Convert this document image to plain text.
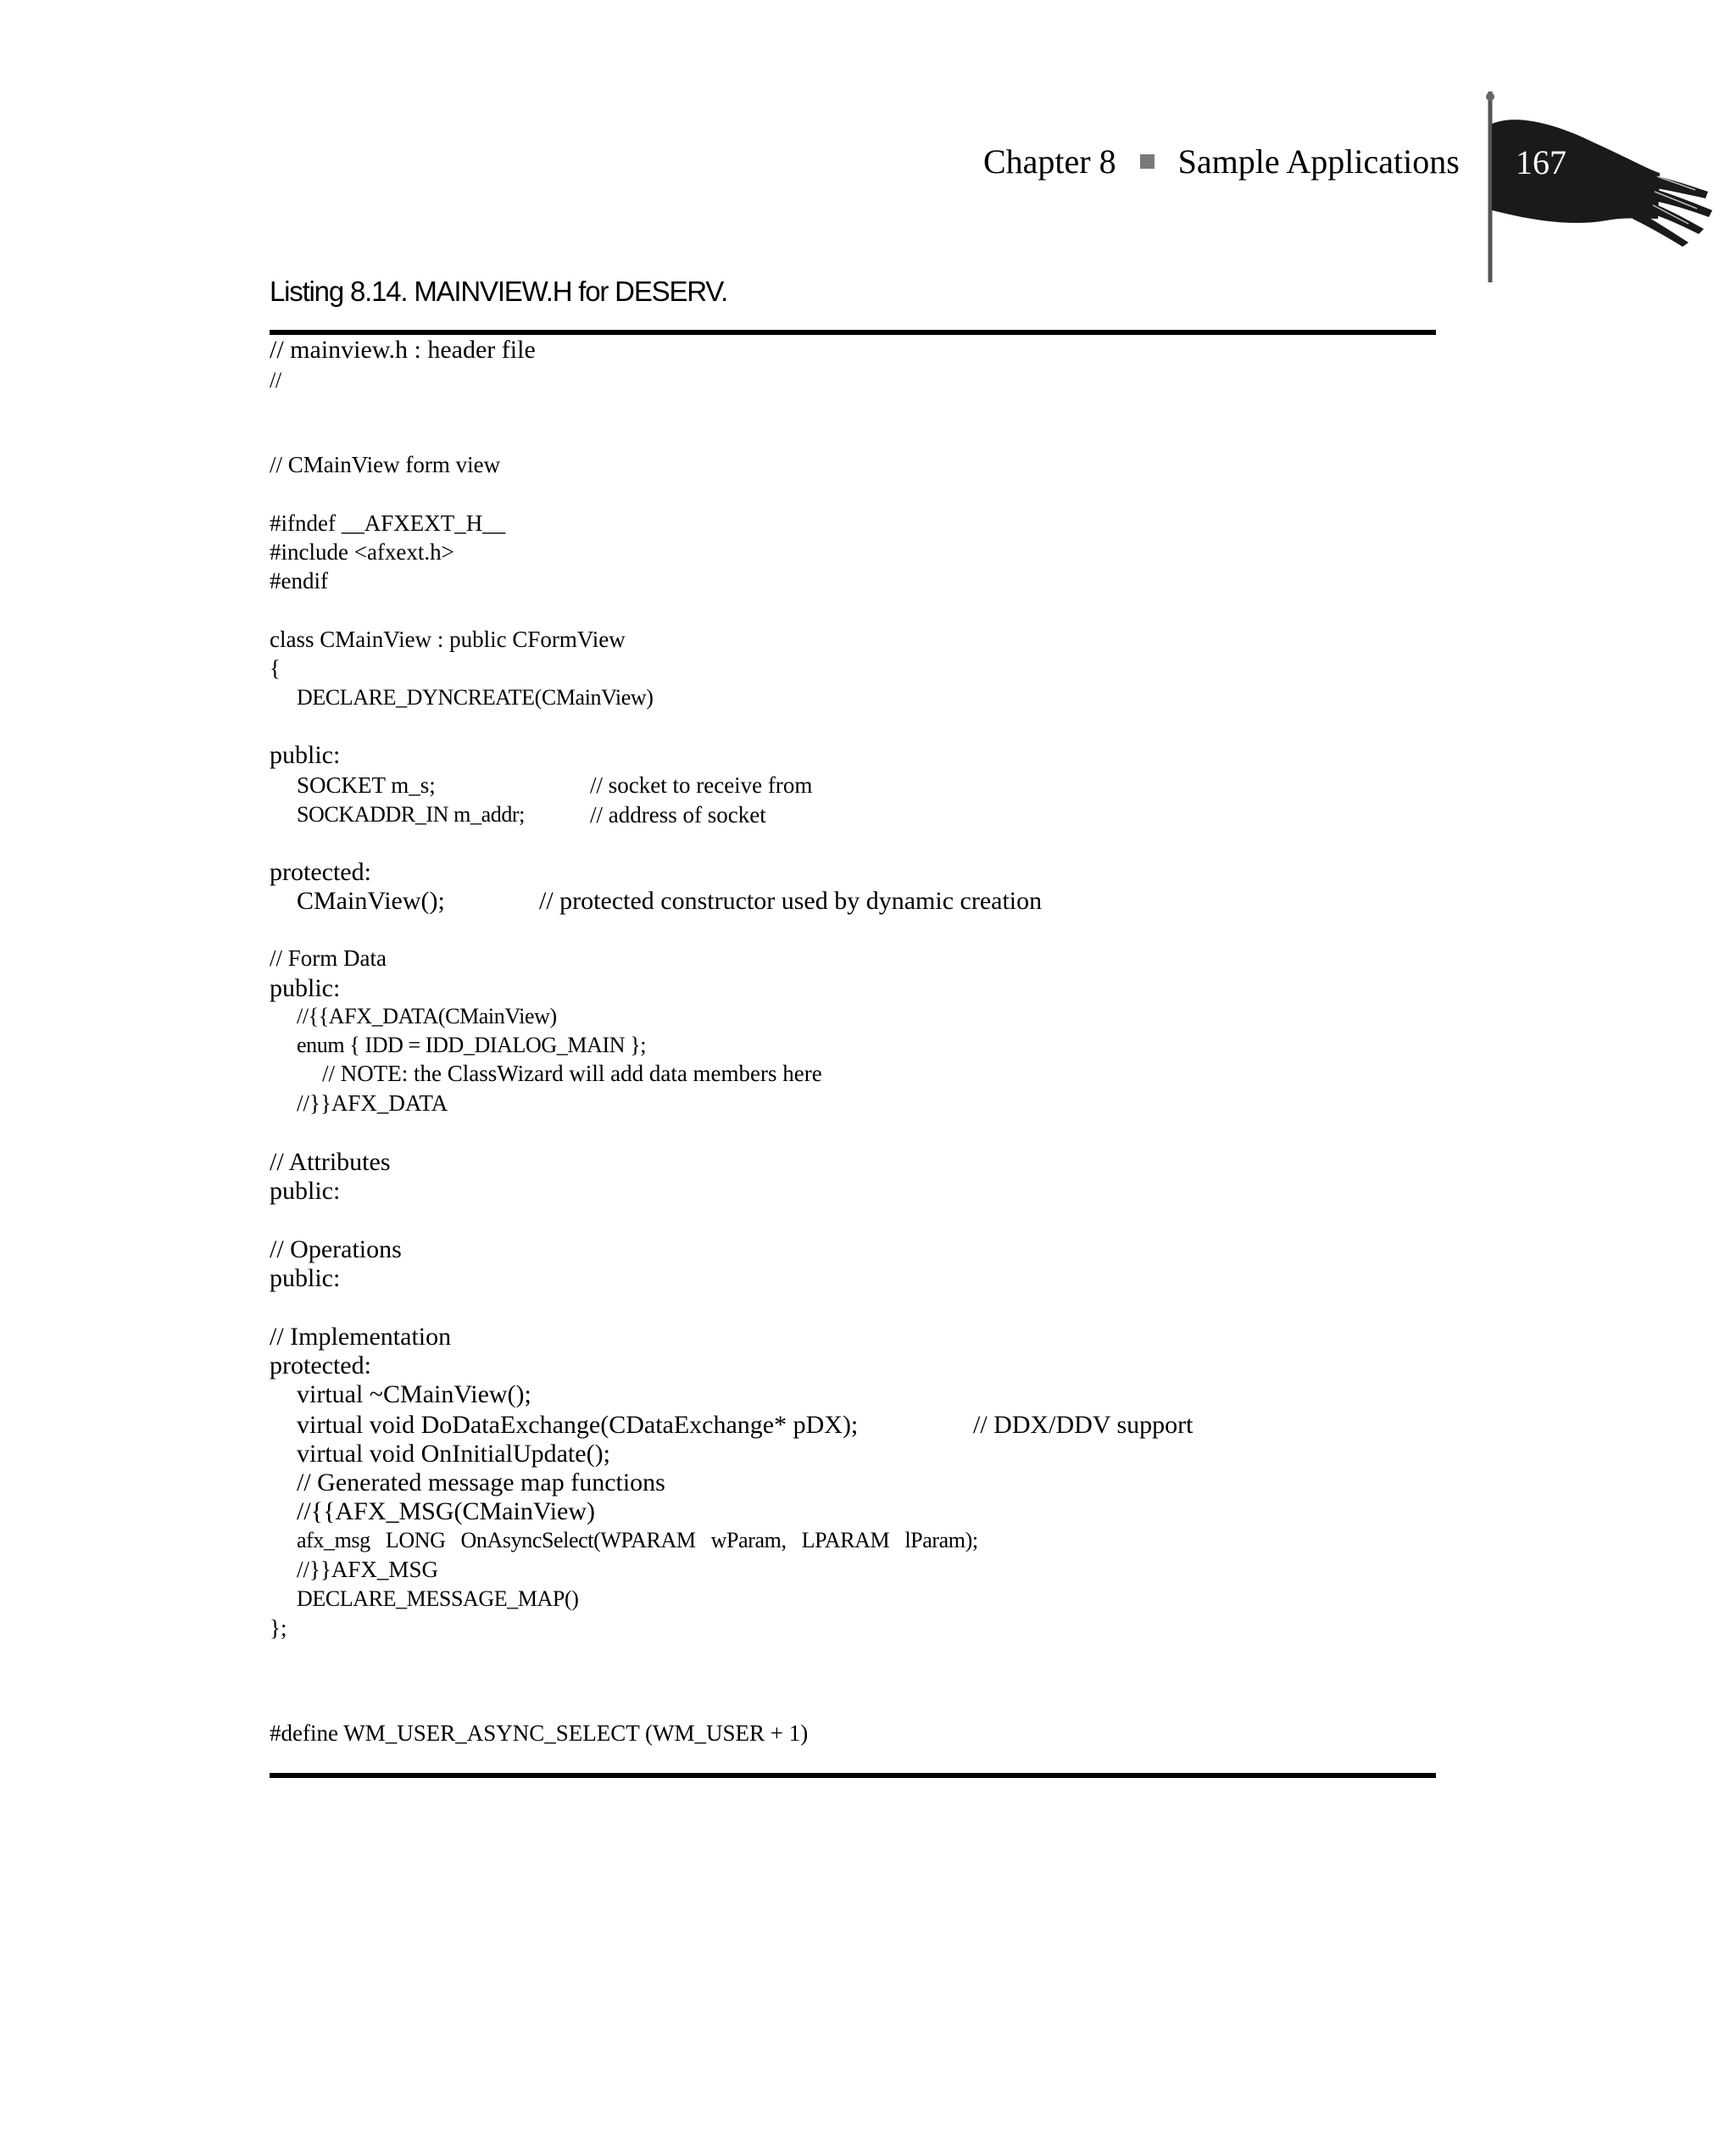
Chapter 8 Sample Applications 167
Listing 8.14. MAINVIEW.H for DESERV.
// mainview.h : header file
//
// CMainView form view
#ifndef __AFXEXT_H__
#include <afxext.h>
#endif
class CMainView : public CFormView
{
DECLARE_DYNCREATE(CMainView)
public:
SOCKET m_s;	// socket to receive from
SOCKADDR_IN m_addr;	// address of socket
protected:
CMainView();	// protected constructor used by dynamic creation
// Form Data
public:
//{{AFX_DATA(CMainView)
enum { IDD = IDD_DIALOG_MAIN };
// NOTE: the ClassWizard will add data members here
//}}AFX_DATA
// Attributes
public:
// Operations
public:
// Implementation
protected:
virtual ~CMainView();
virtual void DoDataExchange(CDataExchange* pDX);	// DDX/DDV support
virtual void OnInitialUpdate();
// Generated message map functions
//{{AFX_MSG(CMainView)
afx_msg LONG OnAsyncSelect(WPARAM wParam, LPARAM lParam);
//}}AFX_MSG
DECLARE_MESSAGE_MAP()
};
#define WM_USER_ASYNC_SELECT (WM_USER + 1)
